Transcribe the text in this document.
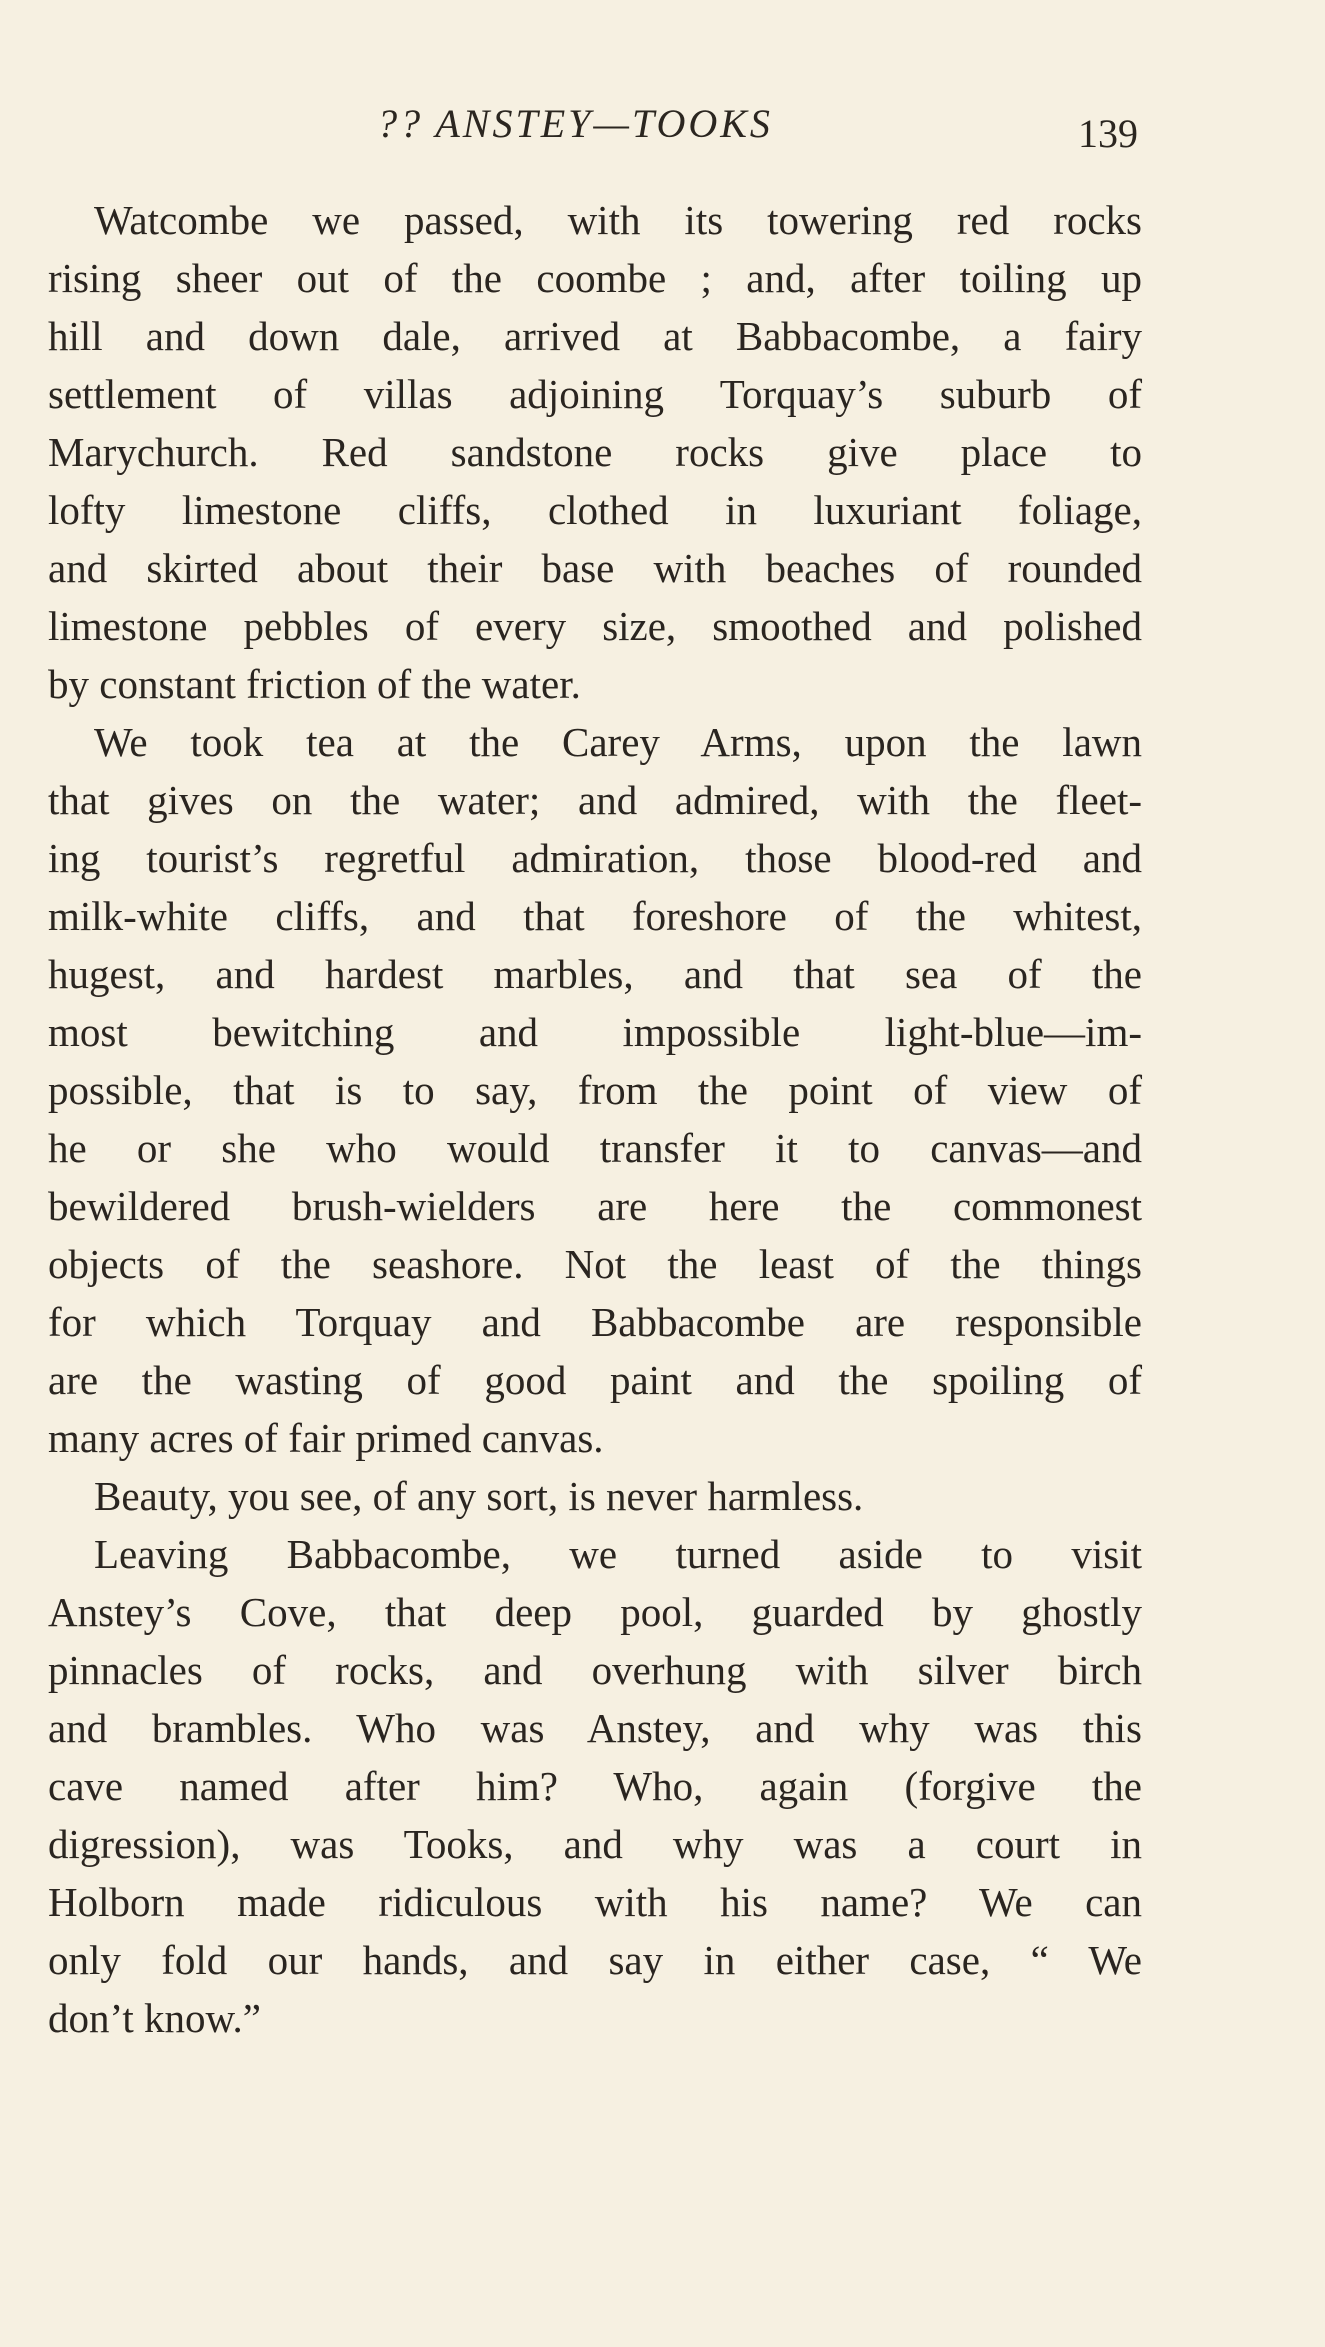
?? ANSTEY—TOOKS	139
Watcombe we passed, with its towering red rocks
rising sheer out of the coombe ; and, after toiling up
hill and down dale, arrived at Babbacombe, a fairy
settlement of villas adjoining Torquay’s suburb of
Marychurch. Red sandstone rocks give place to
lofty limestone cliffs, clothed in luxuriant foliage,
and skirted about their base with beaches of rounded
limestone pebbles of every size, smoothed and polished
by constant friction of the water.
We took tea at the Carey Arms, upon the lawn
that gives on the water; and admired, with the fleet-
ing tourist’s regretful admiration, those blood-red and
milk-white cliffs, and that foreshore of the whitest,
hugest, and hardest marbles, and that sea of the
most bewitching and impossible light-blue—im-
possible, that is to say, from the point of view of
he or she who would transfer it to canvas—and
bewildered brush-wielders are here the commonest
objects of the seashore. Not the least of the things
for which Torquay and Babbacombe are responsible
are the wasting of good paint and the spoiling of
many acres of fair primed canvas.
Beauty, you see, of any sort, is never harmless.
Leaving Babbacombe, we turned aside to visit
Anstey’s Cove, that deep pool, guarded by ghostly
pinnacles of rocks, and overhung with silver birch
and brambles. Who was Anstey, and why was this
cave named after him? Who, again (forgive the
digression), was Tooks, and why was a court in
Holborn made ridiculous with his name? We can
only fold our hands, and say in either case, “ We
don’t know.”
